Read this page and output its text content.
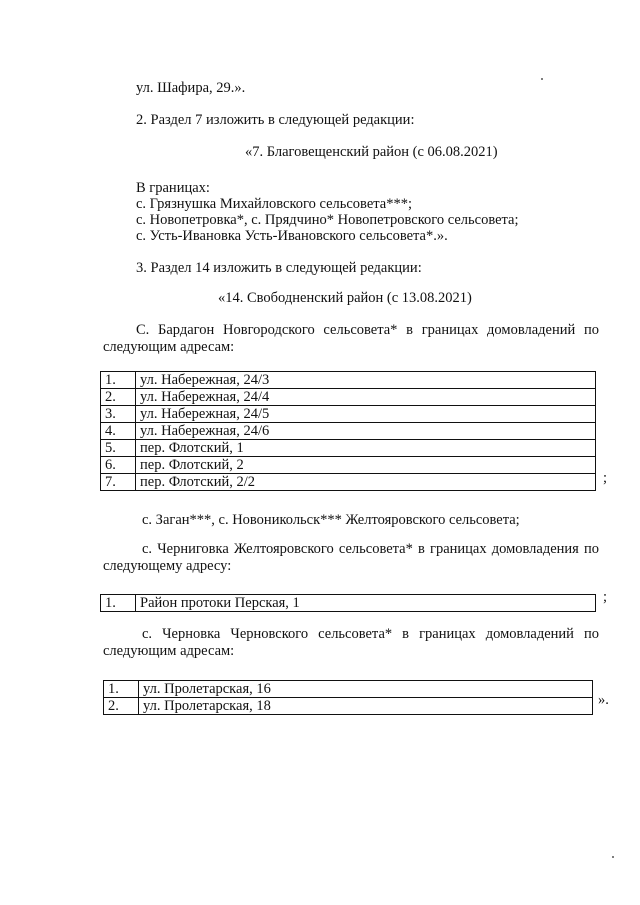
ул. Шафира, 29.».
2. Раздел 7 изложить в следующей редакции:
«7. Благовещенский район (с 06.08.2021)
В границах:
с. Грязнушка Михайловского сельсовета***;
с. Новопетровка*, с. Прядчино* Новопетровского сельсовета;
с. Усть-Ивановка Усть-Ивановского сельсовета*.».
3. Раздел 14 изложить в следующей редакции:
«14. Свободненский район (с 13.08.2021)
С. Бардагон Новгородского сельсовета* в границах домовладений по
следующим адресам:
1.	ул. Набережная, 24/3
2.	ул. Набережная, 24/4
3.	ул. Набережная, 24/5
4.	ул. Набережная, 24/6
5.	пер. Флотский, 1
6.	пер. Флотский, 2
7.	пер. Флотский, 2/2	;
с. Заган***, с. Новоникольск*** Желтояровского сельсовета;
с. Черниговка Желтояровского сельсовета* в границах домовладения по
следующему адресу:
1.	Район протоки Перская, 1	;
с. Черновка Черновского сельсовета* в границах домовладений по
следующим адресам:
1.	ул. Пролетарская, 16
2.	ул. Пролетарская, 18	».
